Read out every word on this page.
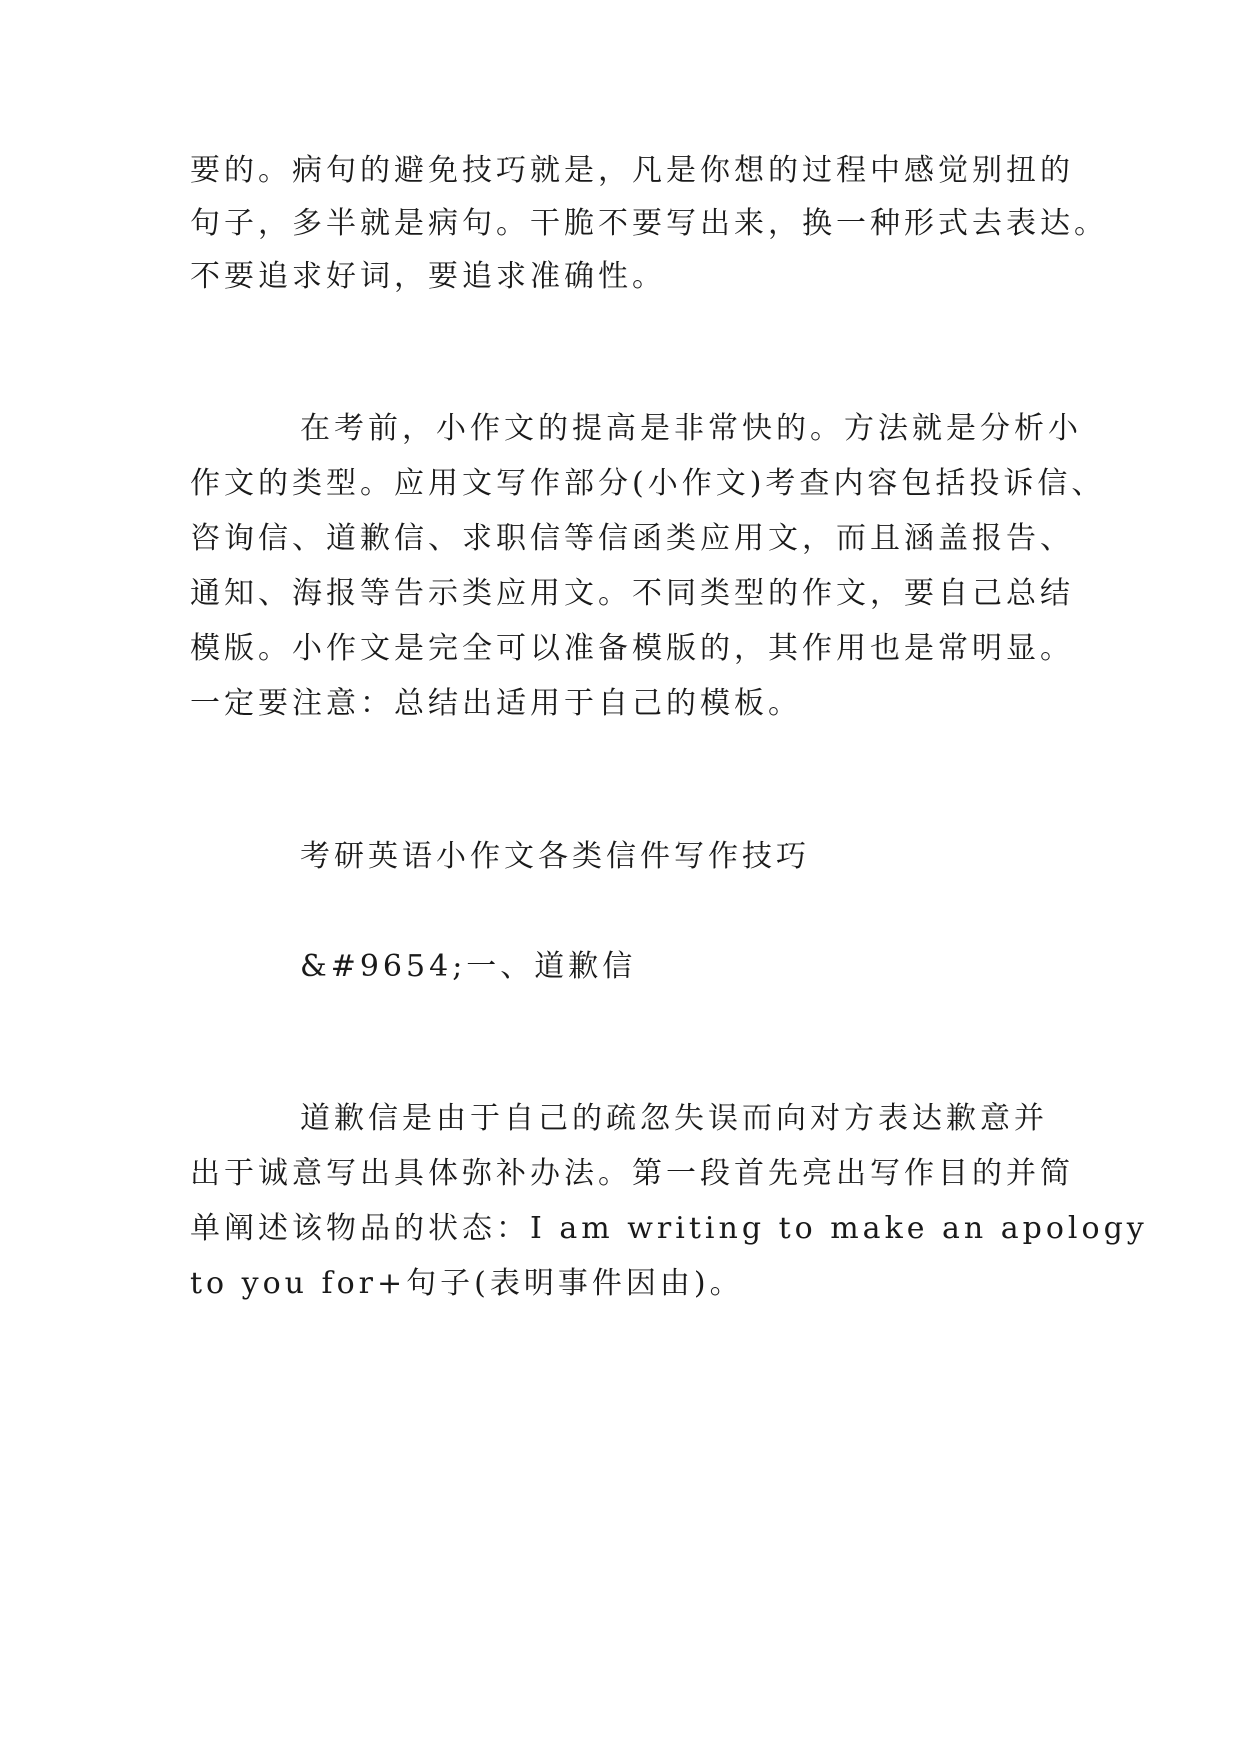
要的。病句的避免技巧就是，凡是你想的过程中感觉别扭的
句子，多半就是病句。干脆不要写出来，换一种形式去表达。
不要追求好词，要追求准确性。
在考前，小作文的提高是非常快的。方法就是分析小
作文的类型。应用文写作部分(小作文)考查内容包括投诉信、
咨询信、道歉信、求职信等信函类应用文，而且涵盖报告、
通知、海报等告示类应用文。不同类型的作文，要自己总结
模版。小作文是完全可以准备模版的，其作用也是常明显。
一定要注意：总结出适用于自己的模板。
考研英语小作文各类信件写作技巧
&#9654;一、道歉信
道歉信是由于自己的疏忽失误而向对方表达歉意并
出于诚意写出具体弥补办法。第一段首先亮出写作目的并简
单阐述该物品的状态：I am writing to make an apology
to you for+句子(表明事件因由)。
